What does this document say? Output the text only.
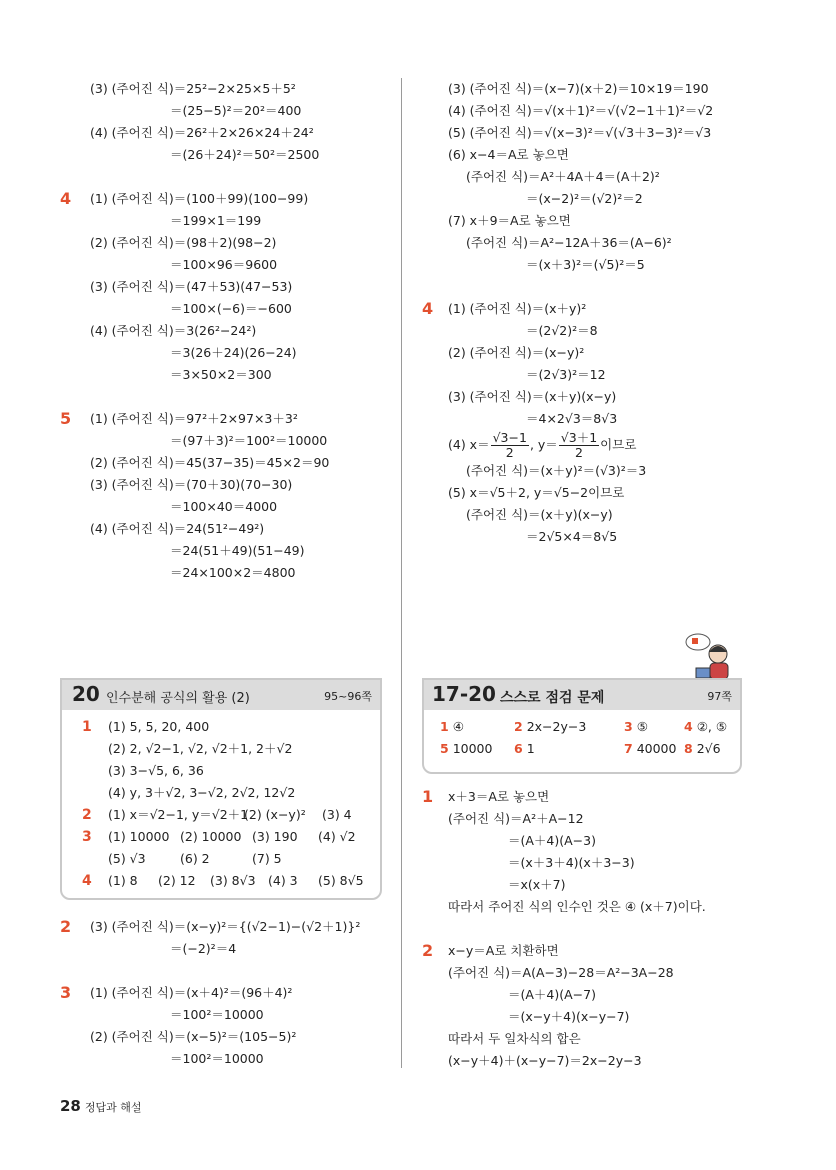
(3) (주어진 식)＝25²−2×25×5＋5²
＝(25−5)²＝20²＝400
(4) (주어진 식)＝26²＋2×26×24＋24²
＝(26＋24)²＝50²＝2500
4 (1) (주어진 식)＝(100＋99)(100−99)
＝199×1＝199
(2) (주어진 식)＝(98＋2)(98−2)
＝100×96＝9600
(3) (주어진 식)＝(47＋53)(47−53)
＝100×(−6)＝−600
(4) (주어진 식)＝3(26²−24²)
＝3(26＋24)(26−24)
＝3×50×2＝300
5 (1) (주어진 식)＝97²＋2×97×3＋3²
＝(97＋3)²＝100²＝10000
(2) (주어진 식)＝45(37−35)＝45×2＝90
(3) (주어진 식)＝(70＋30)(70−30)
＝100×40＝4000
(4) (주어진 식)＝24(51²−49²)
＝24(51＋49)(51−49)
＝24×100×2＝4800
20 인수분해 공식의 활용 (2)	95~96쪽
1 (1) 5, 5, 20, 400
(2) 2, √2−1, √2, √2＋1, 2＋√2
(3) 3−√5, 6, 36
(4) y, 3＋√2, 3−√2, 2√2, 12√2
2 (1) x＝√2−1, y＝√2＋1
(2) (x−y)² (3) 4
3 (1) 10000 (2) 10000 (3) 190 (4) √2
(5) √3	(6) 2	(7) 5
4 (1) 8 (2) 12 (3) 8√3 (4) 3 (5) 8√5
2 (3) (주어진 식)＝(x−y)²＝{(√2−1)−(√2＋1)}²
＝(−2)²＝4
3 (1) (주어진 식)＝(x＋4)²＝(96＋4)²
＝100²＝10000
(2) (주어진 식)＝(x−5)²＝(105−5)²
＝100²＝10000
(3) (주어진 식)＝(x−7)(x＋2)＝10×19＝190
(4) (주어진 식)＝√(x＋1)²＝√(√2−1＋1)²＝√2
(5) (주어진 식)＝√(x−3)²＝√(√3＋3−3)²＝√3
(6) x−4＝A로 놓으면
(주어진 식)＝A²＋4A＋4＝(A＋2)²
＝(x−2)²＝(√2)²＝2
(7) x＋9＝A로 놓으면
(주어진 식)＝A²−12A＋36＝(A−6)²
＝(x＋3)²＝(√5)²＝5
4 (1) (주어진 식)＝(x＋y)²
＝(2√2)²＝8
(2) (주어진 식)＝(x−y)²
＝(2√3)²＝12
(3) (주어진 식)＝(x＋y)(x−y)
＝4×2√3＝8√3
(4) $x= \frac{√3-1}{2}$ , $y= \frac{√3+1}{2}$ 이므로
(주어진 식)＝(x＋y)²＝(√3)²＝3
(5) x＝√5＋2, y＝√5−2이므로
(주어진 식)＝(x＋y)(x−y)
＝2√5×4＝8√5
17-20 스스로 점검 문제	97쪽
1 ④	2 2x−2y−3	3 ⑤	4 ②, ⑤
5 10000 6 1	7 40000 8 2√6
1 x＋3＝A로 놓으면
(주어진 식)＝A²＋A−12
＝(A＋4)(A−3)
＝(x＋3＋4)(x＋3−3)
＝x(x＋7)
따라서 주어진 식의 인수인 것은 ④ (x＋7)이다.
2 x−y＝A로 치환하면
(주어진 식)＝A(A−3)−28＝A²−3A−28
＝(A＋4)(A−7)
＝(x−y＋4)(x−y−7)
따라서 두 일차식의 합은
(x−y＋4)＋(x−y−7)＝2x−2y−3
28 정답과 해설
